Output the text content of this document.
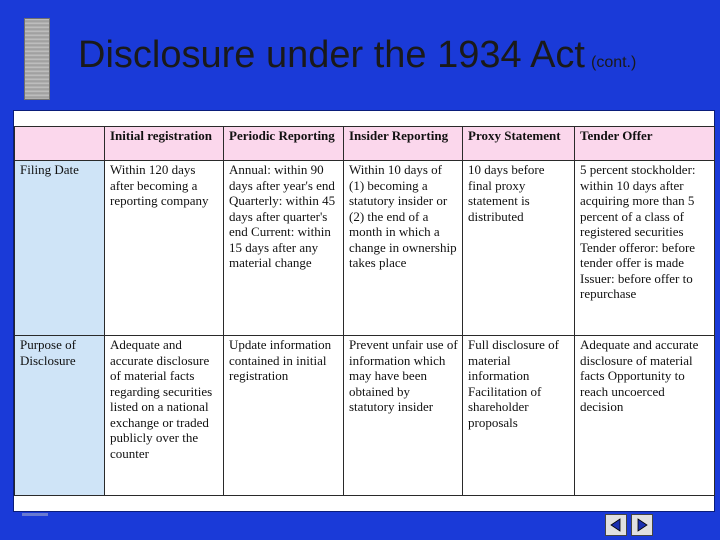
Disclosure under the 1934 Act (cont.)
	Initial registration	Periodic Reporting	Insider Reporting	Proxy Statement	Tender Offer
Filing Date	Within 120 days after becoming a reporting company	Annual: within 90 days after year's end Quarterly: within 45 days after quarter's end Current: within 15 days after any material change	Within 10 days of (1) becoming a statutory insider or (2) the end of a month in which a change in ownership takes place	10 days before final proxy statement is distributed	5 percent stockholder: within 10 days after acquiring more than 5 percent of a class of registered securities Tender offeror: before tender offer is made Issuer: before offer to repurchase
Purpose of Disclosure	Adequate and accurate disclosure of material facts regarding securities listed on a national exchange or traded publicly over the counter	Update information contained in initial registration	Prevent unfair use of information which may have been obtained by statutory insider	Full disclosure of material information Facilitation of shareholder proposals	Adequate and accurate disclosure of material facts Opportunity to reach uncoerced decision
